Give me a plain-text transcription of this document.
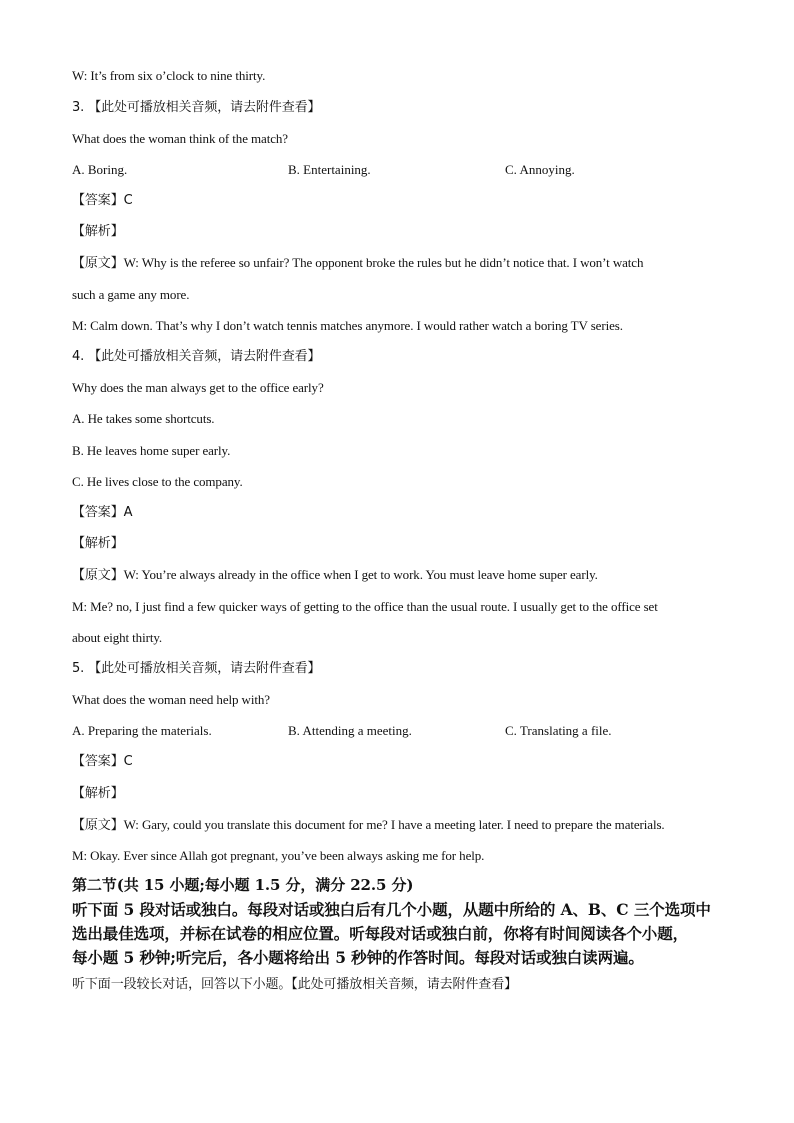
W: It’s from six o’clock to nine thirty.
3. 【此处可播放相关音频，请去附件查看】
What does the woman think of the match?
A. Boring.	B. Entertaining.	C. Annoying.
【答案】C
【解析】
【原文】W: Why is the referee so unfair? The opponent broke the rules but he didn’t notice that. I won’t watch
such a game any more.
M: Calm down. That’s why I don’t watch tennis matches anymore. I would rather watch a boring TV series.
4. 【此处可播放相关音频，请去附件查看】
Why does the man always get to the office early?
A. He takes some shortcuts.
B. He leaves home super early.
C. He lives close to the company.
【答案】A
【解析】
【原文】W: You’re always already in the office when I get to work. You must leave home super early.
M: Me? no, I just find a few quicker ways of getting to the office than the usual route. I usually get to the office set
about eight thirty.
5. 【此处可播放相关音频，请去附件查看】
What does the woman need help with?
A. Preparing the materials.	B. Attending a meeting.	C. Translating a file.
【答案】C
【解析】
【原文】W: Gary, could you translate this document for me? I have a meeting later. I need to prepare the materials.
M: Okay. Ever since Allah got pregnant, you’ve been always asking me for help.
第二节(共 15 小题;每小题 1.5 分，满分 22.5 分)
听下面 5 段对话或独白。每段对话或独白后有几个小题，从题中所给的 A、B、C 三个选项中
选出最佳选项，并标在试卷的相应位置。听每段对话或独白前，你将有时间阅读各个小题，
每小题 5 秒钟;听完后，各小题将给出 5 秒钟的作答时间。每段对话或独白读两遍。
听下面一段较长对话，回答以下小题。【此处可播放相关音频，请去附件查看】
